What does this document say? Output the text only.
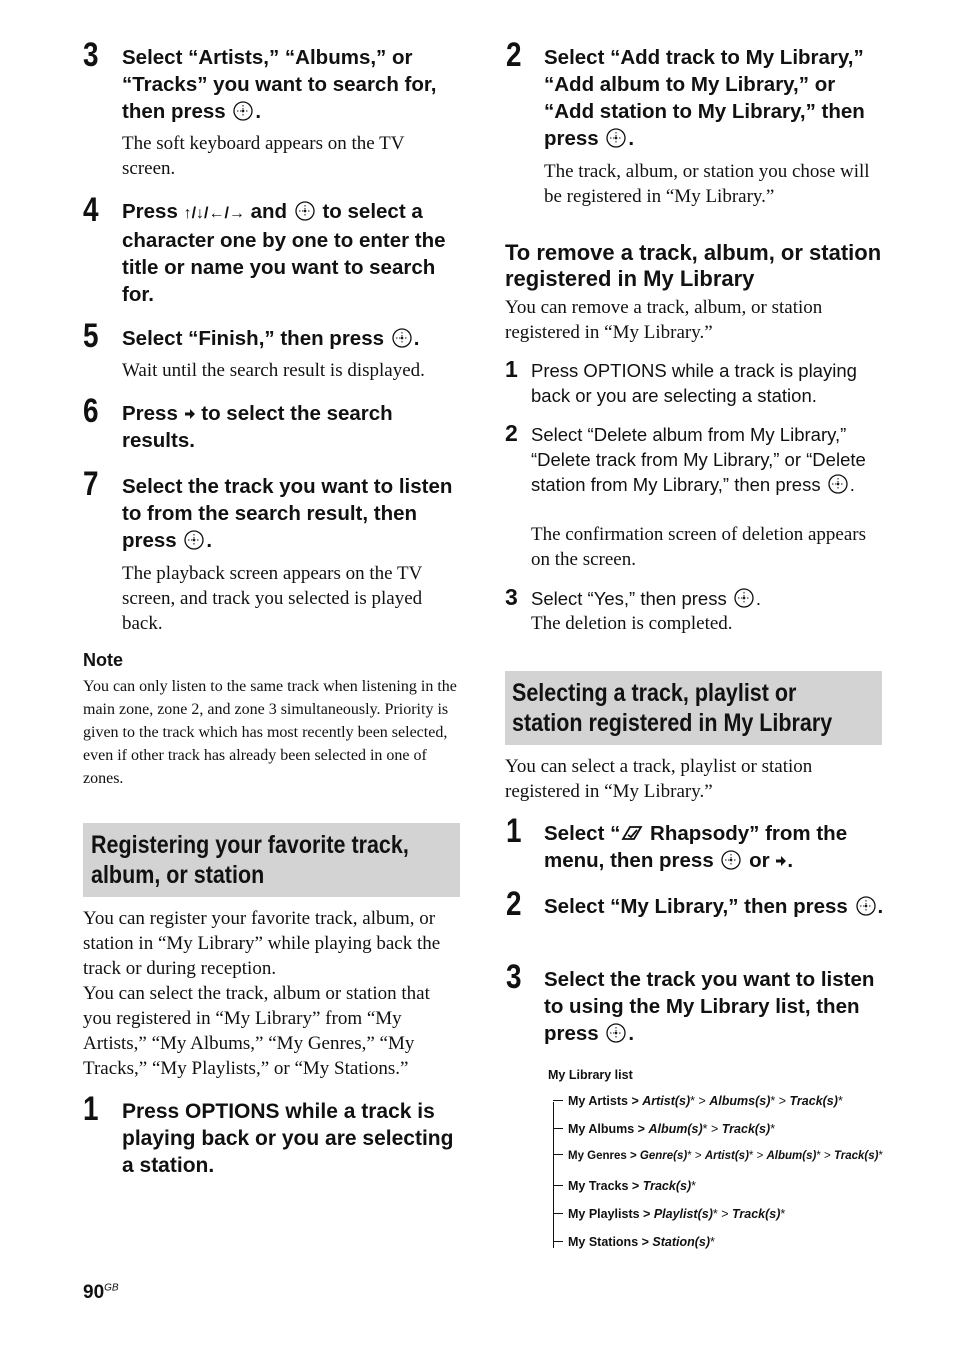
3 Select “Artists,” “Albums,” or “Tracks” you want to search for, then press .
The soft keyboard appears on the TV screen.
4 Press ↑/↓/←/→ and to select a character one by one to enter the title or name you want to search for.
5 Select “Finish,” then press .
Wait until the search result is displayed.
6 Press to select the search results.
7 Select the track you want to listen to from the search result, then press .
The playback screen appears on the TV screen, and track you selected is played back.
Note
You can only listen to the same track when listening in the main zone, zone 2, and zone 3 simultaneously. Priority is given to the track which has most recently been selected, even if other track has already been selected in one of zones.
Registering your favorite track,
album, or station
You can register your favorite track, album, or station in “My Library” while playing back the track or during reception.
You can select the track, album or station that you registered in “My Library” from “My Artists,” “My Albums,” “My Genres,” “My Tracks,” “My Playlists,” or “My Stations.”
1 Press OPTIONS while a track is playing back or you are selecting a station.
2 Select “Add track to My Library,” “Add album to My Library,” or “Add station to My Library,” then press .
The track, album, or station you chose will be registered in “My Library.”
To remove a track, album, or station registered in My Library
You can remove a track, album, or station registered in “My Library.”
1 Press OPTIONS while a track is playing back or you are selecting a station.
2 Select “Delete album from My Library,” “Delete track from My Library,” or “Delete station from My Library,” then press .
The confirmation screen of deletion appears on the screen.
3 Select “Yes,” then press .
The deletion is completed.
Selecting a track, playlist or
station registered in My Library
You can select a track, playlist or station registered in “My Library.”
1 Select “ Rhapsody” from the menu, then press or .
2 Select “My Library,” then press .
3 Select the track you want to listen to using the My Library list, then press .
My Library list
My Artists > Artist(s)* > Albums(s)* > Track(s)*
My Albums > Album(s)* > Track(s)*
My Genres > Genre(s)* > Artist(s)* > Album(s)* > Track(s)*
My Tracks > Track(s)*
My Playlists > Playlist(s)* > Track(s)*
My Stations > Station(s)*
$90^{GB}$
